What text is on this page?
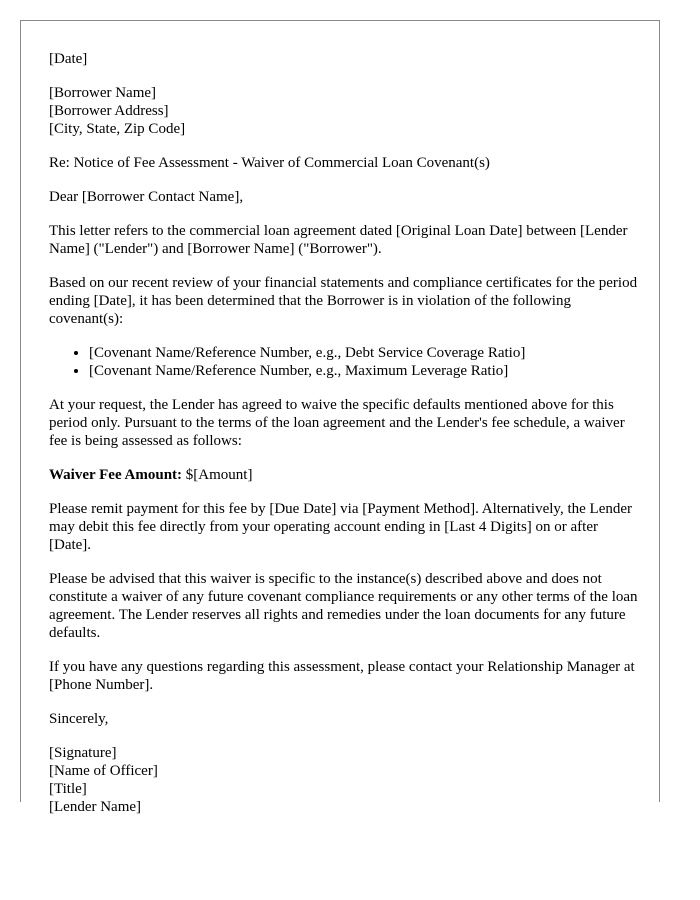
[Date]

[Borrower Name]
[Borrower Address]
[City, State, Zip Code]

Re: Notice of Fee Assessment - Waiver of Commercial Loan Covenant(s)

Dear [Borrower Contact Name],

This letter refers to the commercial loan agreement dated [Original Loan Date] between [Lender Name] ("Lender") and [Borrower Name] ("Borrower").

Based on our recent review of your financial statements and compliance certificates for the period ending [Date], it has been determined that the Borrower is in violation of the following covenant(s):

• [Covenant Name/Reference Number, e.g., Debt Service Coverage Ratio]
• [Covenant Name/Reference Number, e.g., Maximum Leverage Ratio]

At your request, the Lender has agreed to waive the specific defaults mentioned above for this period only. Pursuant to the terms of the loan agreement and the Lender's fee schedule, a waiver fee is being assessed as follows:

Waiver Fee Amount: $[Amount]

Please remit payment for this fee by [Due Date] via [Payment Method]. Alternatively, the Lender may debit this fee directly from your operating account ending in [Last 4 Digits] on or after [Date].

Please be advised that this waiver is specific to the instance(s) described above and does not constitute a waiver of any future covenant compliance requirements or any other terms of the loan agreement. The Lender reserves all rights and remedies under the loan documents for any future defaults.

If you have any questions regarding this assessment, please contact your Relationship Manager at [Phone Number].

Sincerely,

[Signature]
[Name of Officer]
[Title]
[Lender Name]
